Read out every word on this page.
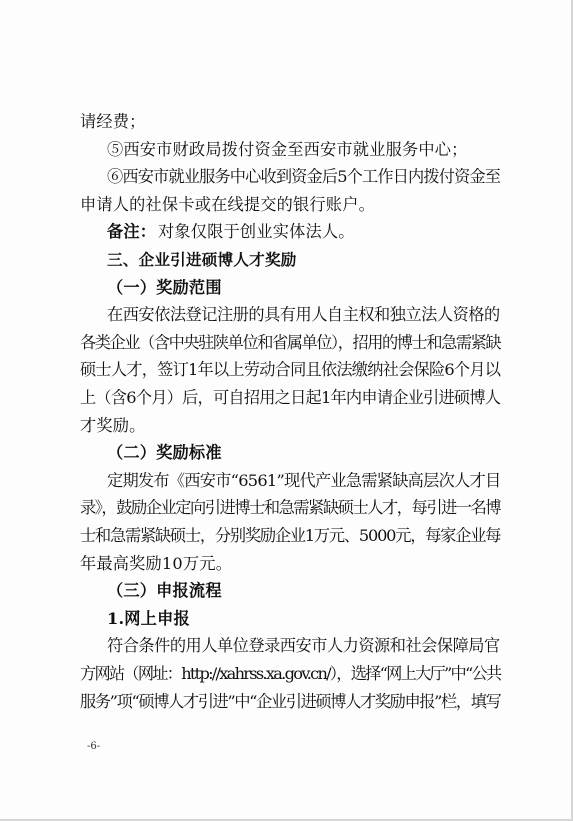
请经费；
⑤西安市财政局拨付资金至西安市就业服务中心；
⑥西安市就业服务中心收到资金后5个工作日内拨付资金至
申请人的社保卡或在线提交的银行账户。
备注： 对象仅限于创业实体法人。
三、企业引进硕博人才奖励
（一）奖励范围
在西安依法登记注册的具有用人自主权和独立法人资格的
各类企业（含中央驻陕单位和省属单位），招用的博士和急需紧缺
硕士人才，签订1年以上劳动合同且依法缴纳社会保险6个月以
上（含6个月）后，可自招用之日起1年内申请企业引进硕博人
才奖励。
（二）奖励标准
定期发布《西安市“6561”现代产业急需紧缺高层次人才目
录》，鼓励企业定向引进博士和急需紧缺硕士人才，每引进一名博
士和急需紧缺硕士，分别奖励企业1万元、5000元，每家企业每
年最高奖励10万元。
（三）申报流程
-6-
1.网上申报
符合条件的用人单位登录西安市人力资源和社会保障局官
方网站（网址：http://xahrss.xa.gov.cn/），选择“网上大厅”中“公共
服务”项“硕博人才引进”中“企业引进硕博人才奖励申报”栏，填写
